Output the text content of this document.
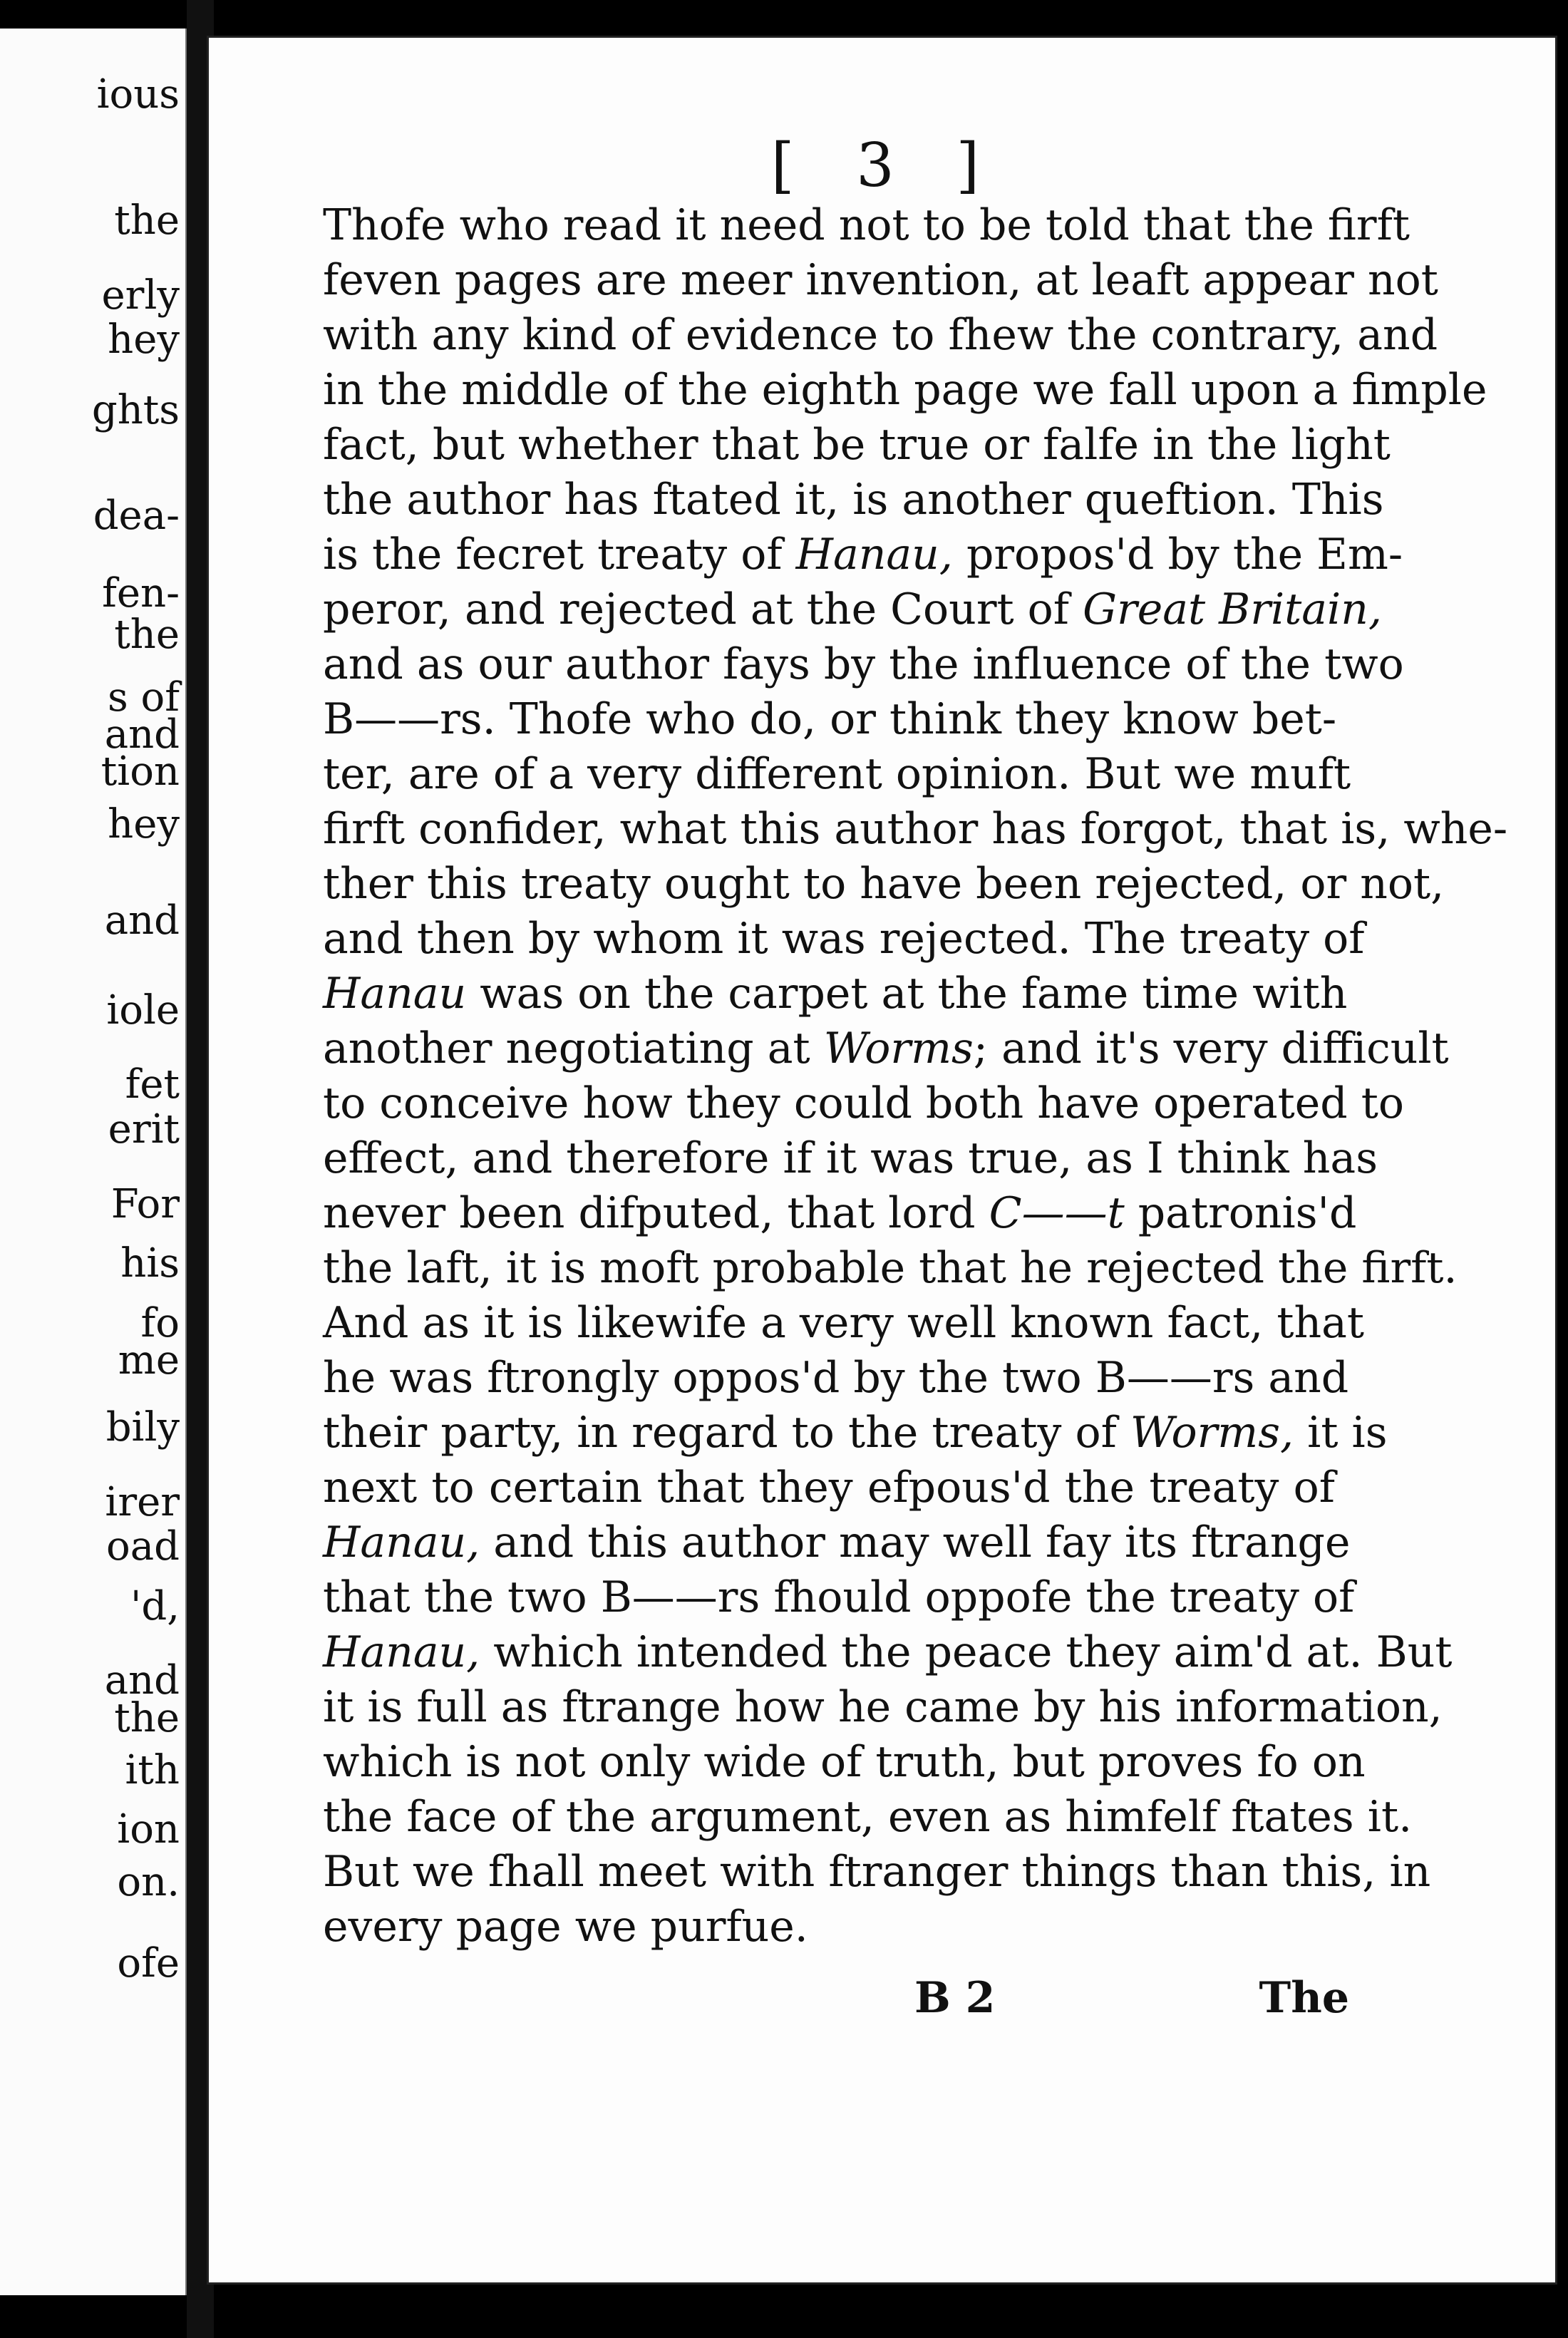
ious
the
erly
hey
ghts
dea-
fen-
the
s of
and
tion
hey
and
iole
fet
erit
For
his
fo
me
bily
irer
oad
'd,
and
the
ith
ion
on.
ofe
[ 3 ]
Thofe who read it need not to be told that the firft
feven pages are meer invention, at leaft appear not
with any kind of evidence to fhew the contrary, and
in the middle of the eighth page we fall upon a fimple
fact, but whether that be true or falfe in the light
the author has ftated it, is another queftion. This
is the fecret treaty of Hanau, propos'd by the Em-
peror, and rejected at the Court of Great Britain,
and as our author fays by the influence of the two
B——rs. Thofe who do, or think they know bet-
ter, are of a very different opinion. But we muft
firft confider, what this author has forgot, that is, whe-
ther this treaty ought to have been rejected, or not,
and then by whom it was rejected. The treaty of
Hanau was on the carpet at the fame time with
another negotiating at Worms; and it's very difficult
to conceive how they could both have operated to
effect, and therefore if it was true, as I think has
never been difputed, that lord C——t patronis'd
the laft, it is moft probable that he rejected the firft.
And as it is likewife a very well known fact, that
he was ftrongly oppos'd by the two B——rs and
their party, in regard to the treaty of Worms, it is
next to certain that they efpous'd the treaty of
Hanau, and this author may well fay its ftrange
that the two B——rs fhould oppofe the treaty of
Hanau, which intended the peace they aim'd at. But
it is full as ftrange how he came by his information,
which is not only wide of truth, but proves fo on
the face of the argument, even as himfelf ftates it.
But we fhall meet with ftranger things than this, in
every page we purfue.
B 2	The
